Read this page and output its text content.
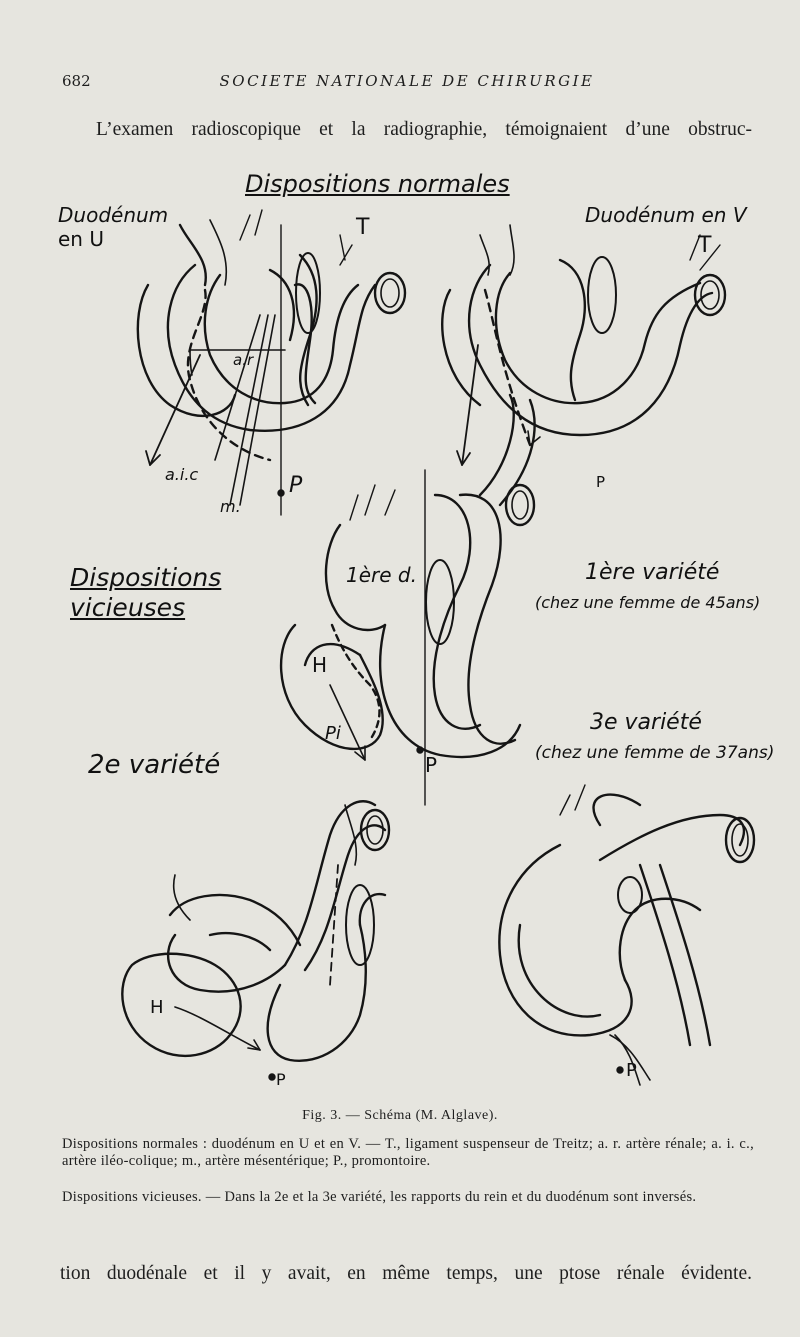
682	SOCIETE NATIONALE DE CHIRURGIE
L’examen radioscopique et la radiographie, témoignaient d’une obstruc-
Dispositions normales
Duodénum
en U
Duodénum en V
T
T
a.r
a.i.c
m.
P	P
Dispositions
vicieuses
1ère d.	1ère variété
(chez une femme de 45ans)
H
Pi
P
2e variété
3e variété
(chez une femme de 37ans)
H
P	P
Fig. 3. — Schéma (M. Alglave).
Dispositions normales : duodénum en U et en V. — T., ligament suspenseur de Treitz; a. r. artère rénale; a. i. c., artère iléo-colique; m., artère mésentérique; P., promontoire.
Dispositions vicieuses. — Dans la 2e et la 3e variété, les rapports du rein et du duodénum sont inversés.
tion duodénale et il y avait, en même temps, une ptose rénale évidente.
